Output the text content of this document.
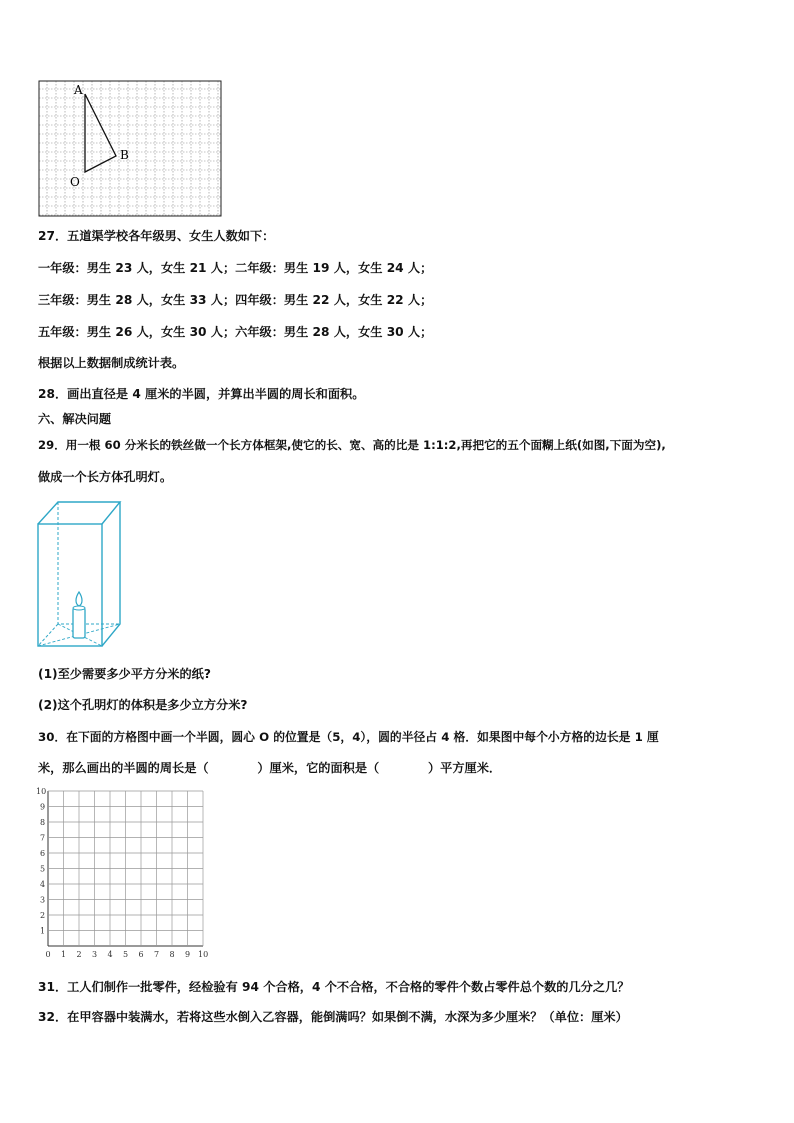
A
B
O
27．五道渠学校各年级男、女生人数如下：
一年级：男生 23 人，女生 21 人；二年级：男生 19 人，女生 24 人；
三年级：男生 28 人，女生 33 人；四年级：男生 22 人，女生 22 人；
五年级：男生 26 人，女生 30 人；六年级：男生 28 人，女生 30 人；
根据以上数据制成统计表。
28．画出直径是 4 厘米的半圆，并算出半圆的周长和面积。
六、解决问题
29．用一根 60 分米长的铁丝做一个长方体框架,使它的长、宽、高的比是 1:1:2,再把它的五个面糊上纸(如图,下面为空),
做成一个长方体孔明灯。
(1)至少需要多少平方分米的纸?
(2)这个孔明灯的体积是多少立方分米?
30．在下面的方格图中画一个半圆，圆心 O 的位置是（5，4），圆的半径占 4 格．如果图中每个小方格的边长是 1 厘
米，那么画出的半圆的周长是（　　　　）厘米，它的面积是（　　　　）平方厘米．
0 1 2 3 4 5 6 7 8 9 10
1
2
3
4
5
6
7
8
9
10
31．工人们制作一批零件，经检验有 94 个合格，4 个不合格，不合格的零件个数占零件总个数的几分之几？
32．在甲容器中装满水，若将这些水倒入乙容器，能倒满吗？如果倒不满，水深为多少厘米？（单位：厘米）
